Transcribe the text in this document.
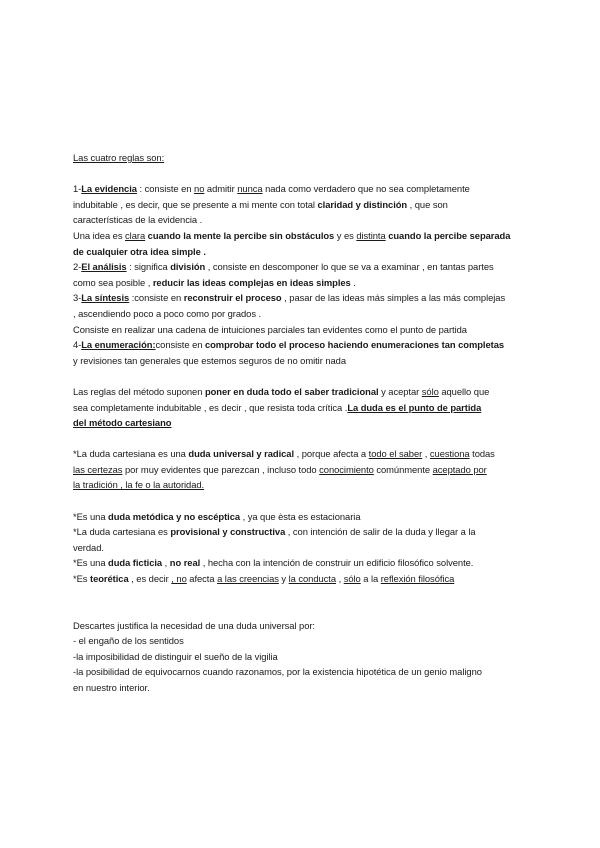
Las cuatro reglas son:
1-La evidencia : consiste en no admitir nunca nada como verdadero que no sea completamente
indubitable , es decir, que se presente a mi mente con total claridad y distinción , que son
características de la evidencia .
Una idea es clara cuando la mente la percibe sin obstáculos y es distinta cuando la percibe separada
de cualquier otra idea simple .
2-El análisis : significa división , consiste en descomponer lo que se va a examinar , en tantas partes
como sea posible , reducir las ideas complejas en ideas simples .
3-La síntesis :consiste en reconstruir el proceso , pasar de las ideas más simples a las más complejas
, ascendiendo poco a poco como por grados .
Consiste en realizar una cadena de intuiciones parciales tan evidentes como el punto de partida
4-La enumeración:consiste en comprobar todo el proceso haciendo enumeraciones tan completas
y revisiones tan generales que estemos seguros de no omitir nada
Las reglas del método suponen poner en duda todo el saber tradicional y aceptar sólo aquello que
sea completamente indubitable , es decir , que resista toda crítica .La duda es el punto de partida
del método cartesiano
*La duda cartesiana es una duda universal y radical , porque afecta a todo el saber , cuestiona todas
las certezas por muy evidentes que parezcan , incluso todo conocimiento comúnmente aceptado por
la tradición , la fe o la autoridad.
*Es una duda metódica y no escéptica , ya que èsta es estacionaria
*La duda cartesiana es provisional y constructiva , con intención de salir de la duda y llegar a la
verdad.
*Es una duda ficticia , no real , hecha con la intención de construir un edificio filosófico solvente.
*Es teorética , es decir , no afecta a las creencias y la conducta , sólo a la reflexión filosófica
Descartes justifica la necesidad de una duda universal por:
- el engaño de los sentidos
-la imposibilidad de distinguir el sueño de la vigilia
-la posibilidad de equivocarnos cuando razonamos, por la existencia hipotética de un genio maligno
en nuestro interior.
